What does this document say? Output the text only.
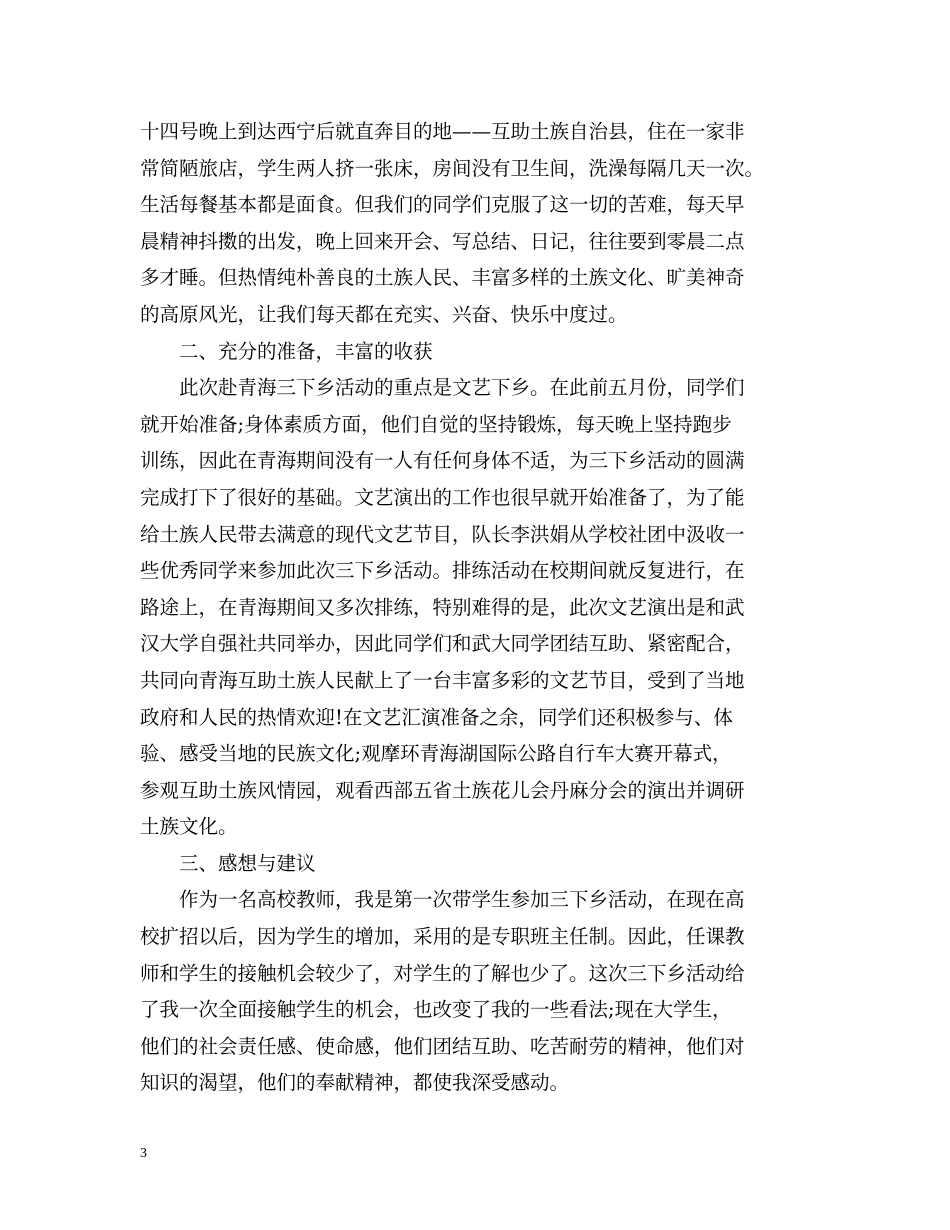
十四号晚上到达西宁后就直奔目的地——互助土族自治县，住在一家非
常简陋旅店，学生两人挤一张床，房间没有卫生间，洗澡每隔几天一次。
生活每餐基本都是面食。但我们的同学们克服了这一切的苦难，每天早
晨精神抖擞的出发，晚上回来开会、写总结、日记，往往要到零晨二点
多才睡。但热情纯朴善良的土族人民、丰富多样的土族文化、旷美神奇
的高原风光，让我们每天都在充实、兴奋、快乐中度过。
二、充分的准备，丰富的收获
此次赴青海三下乡活动的重点是文艺下乡。在此前五月份，同学们
就开始准备;身体素质方面，他们自觉的坚持锻炼，每天晚上坚持跑步
训练，因此在青海期间没有一人有任何身体不适，为三下乡活动的圆满
完成打下了很好的基础。文艺演出的工作也很早就开始准备了，为了能
给土族人民带去满意的现代文艺节目，队长李洪娟从学校社团中汲收一
些优秀同学来参加此次三下乡活动。排练活动在校期间就反复进行，在
路途上，在青海期间又多次排练，特别难得的是，此次文艺演出是和武
汉大学自强社共同举办，因此同学们和武大同学团结互助、紧密配合，
共同向青海互助土族人民献上了一台丰富多彩的文艺节目，受到了当地
政府和人民的热情欢迎!在文艺汇演准备之余，同学们还积极参与、体
验、感受当地的民族文化;观摩环青海湖国际公路自行车大赛开幕式，
参观互助土族风情园，观看西部五省土族花儿会丹麻分会的演出并调研
土族文化。
三、感想与建议
作为一名高校教师，我是第一次带学生参加三下乡活动，在现在高
校扩招以后，因为学生的增加，采用的是专职班主任制。因此，任课教
师和学生的接触机会较少了，对学生的了解也少了。这次三下乡活动给
了我一次全面接触学生的机会，也改变了我的一些看法;现在大学生，
他们的社会责任感、使命感，他们团结互助、吃苦耐劳的精神，他们对
知识的渴望，他们的奉献精神，都使我深受感动。
3
